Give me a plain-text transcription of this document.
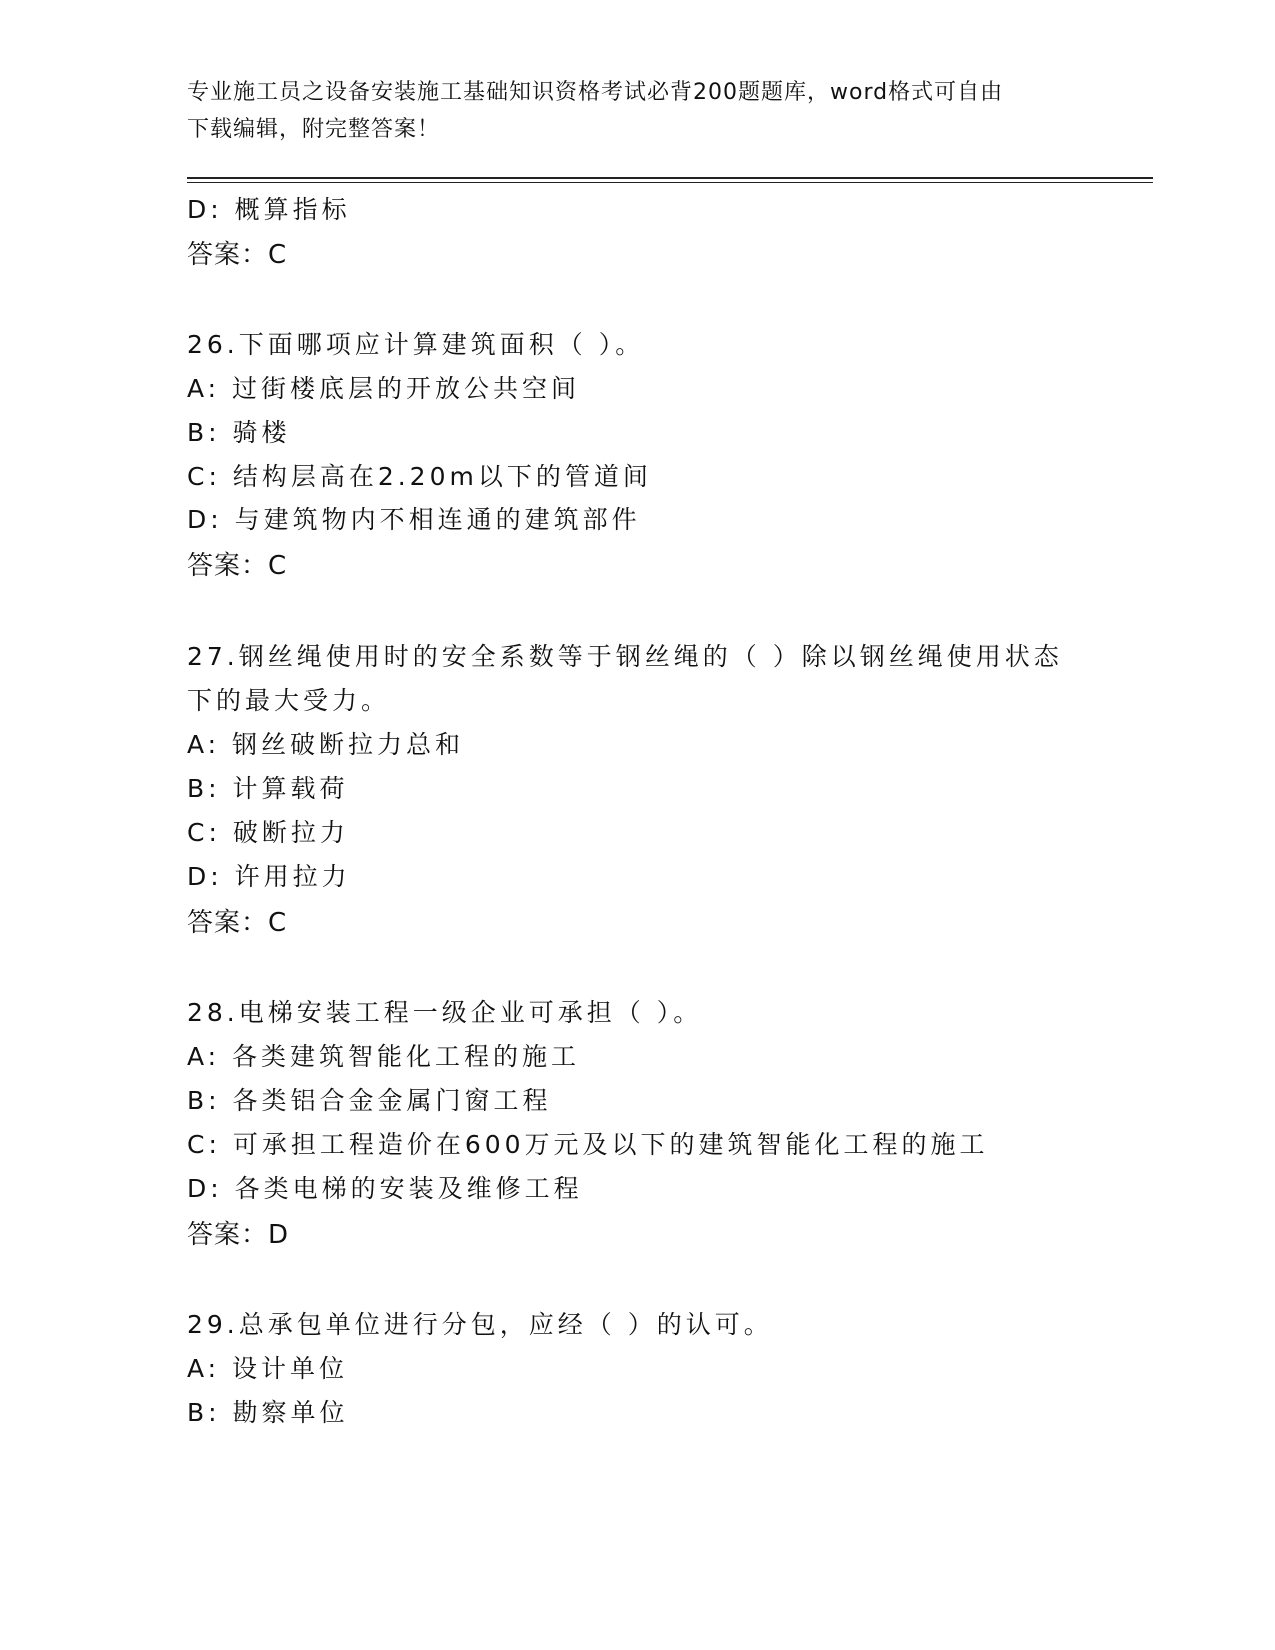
专业施工员之设备安装施工基础知识资格考试必背200题题库，word格式可自由
下载编辑，附完整答案！
D: 概算指标
答案：C
26.下面哪项应计算建筑面积（ ）。
A: 过街楼底层的开放公共空间
B: 骑楼
C: 结构层高在2.20m以下的管道间
D: 与建筑物内不相连通的建筑部件
答案：C
27.钢丝绳使用时的安全系数等于钢丝绳的（ ）除以钢丝绳使用状态
下的最大受力。
A: 钢丝破断拉力总和
B: 计算载荷
C: 破断拉力
D: 许用拉力
答案：C
28.电梯安装工程一级企业可承担（ ）。
A: 各类建筑智能化工程的施工
B: 各类铝合金金属门窗工程
C: 可承担工程造价在600万元及以下的建筑智能化工程的施工
D: 各类电梯的安装及维修工程
答案：D
29.总承包单位进行分包，应经（ ）的认可。
A: 设计单位
B: 勘察单位
